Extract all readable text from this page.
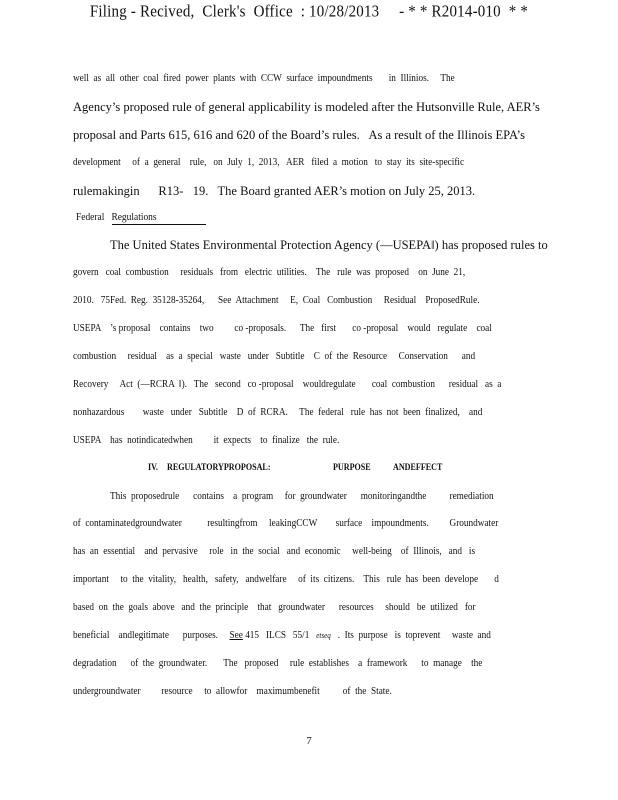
Filing - Recived,  Clerk's  Office  : 10/28/2013     - * * R2014-010  * *
well  as  all  other  coal  fired  power  plants  with  CCW  surface  impoundments       in  Illinios.     The
Agency’s proposed rule of general applicability is modeled after the Hutsonville Rule, AER’s
proposal and Parts 615, 616 and 620 of the Board’s rules.   As a result of the Illinois EPA’s
development     of  a  general    rule,   on  July  1,  2013,   AER   filed  a  motion   to  stay  its  site-specific
rulemakingin      R13-   19.   The Board granted AER’s motion on July 25, 2013.
Federal   Regulations
The United States Environmental Protection Agency (―USEPA‖) has proposed rules to
govern   coal  combustion     residuals   from   electric  utilities.    The   rule  was  proposed    on  June  21,
2010.   75Fed.  Reg.  35128-35264,      See  Attachment     E,  Coal   Combustion     Residual    ProposedRule.
USEPA    ’s proposal    contains    two         co -proposals.      The   first       co -proposal    would   regulate    coal
combustion     residual    as  a  special   waste   under   Subtitle    C  of  the  Resource     Conservation      and
Recovery     Act  (―RCRA  ‖).   The   second   co -proposal    wouldregulate       coal  combustion      residual   as  a
nonhazardous        waste   under   Subtitle    D  of  RCRA.     The  federal   rule  has  not  been  finalized,    and
USEPA    has  notindicatedwhen         it  expects    to  finalize   the  rule.
IV. REGULATORYPROPOSAL:	PURPOSE ANDEFFECT
This  proposedrule      contains    a  program     for  groundwater      monitoringandthe          remediation
of  contaminatedgroundwater           resultingfrom     leakingCCW        surface    impoundments.         Groundwater
has  an  essential    and  pervasive     role   in  the  social   and  economic     well-being    of  Illinois,   and   is
important     to  the  vitality,   health,   safety,   andwelfare     of  its  citizens.    This   rule  has  been  develope       d
based  on  the  goals  above   and  the  principle    that   groundwater      resources     should   be  utilized   for
beneficial    andlegitimate      purposes.     See 415   ILCS   55/1   etseq   .  Its  purpose   is  toprevent     waste  and
degradation      of  the  groundwater.       The   proposed     rule  establishes    a  framework      to  manage    the
undergroundwater         resource     to  allowfor    maximumbenefit          of  the  State.
7
